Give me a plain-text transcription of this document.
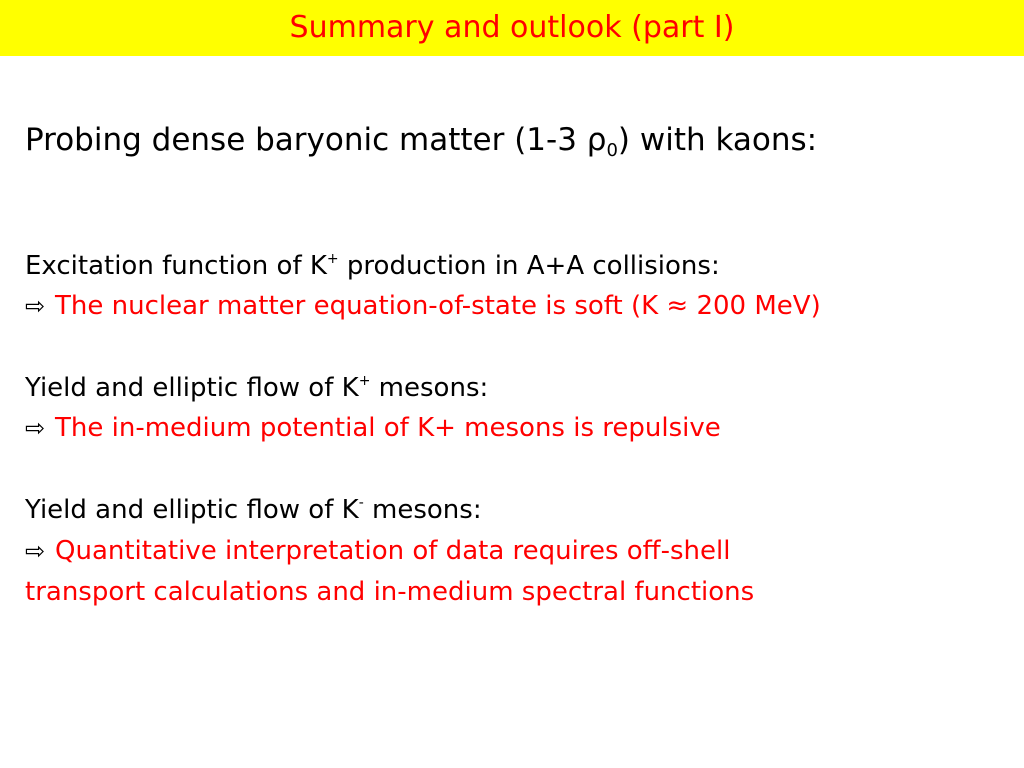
Summary and outlook (part I)
Probing dense baryonic matter (1-3 $\rho_0$) with kaons:
Excitation function of K+ production in A+A collisions:
⇨ The nuclear matter equation-of-state is soft (K ≈ 200 MeV)
Yield and elliptic flow of K+ mesons:
⇨ The in-medium potential of K+ mesons is repulsive
Yield and elliptic flow of K- mesons:
⇨ Quantitative interpretation of data requires off-shell
transport calculations and in-medium spectral functions
